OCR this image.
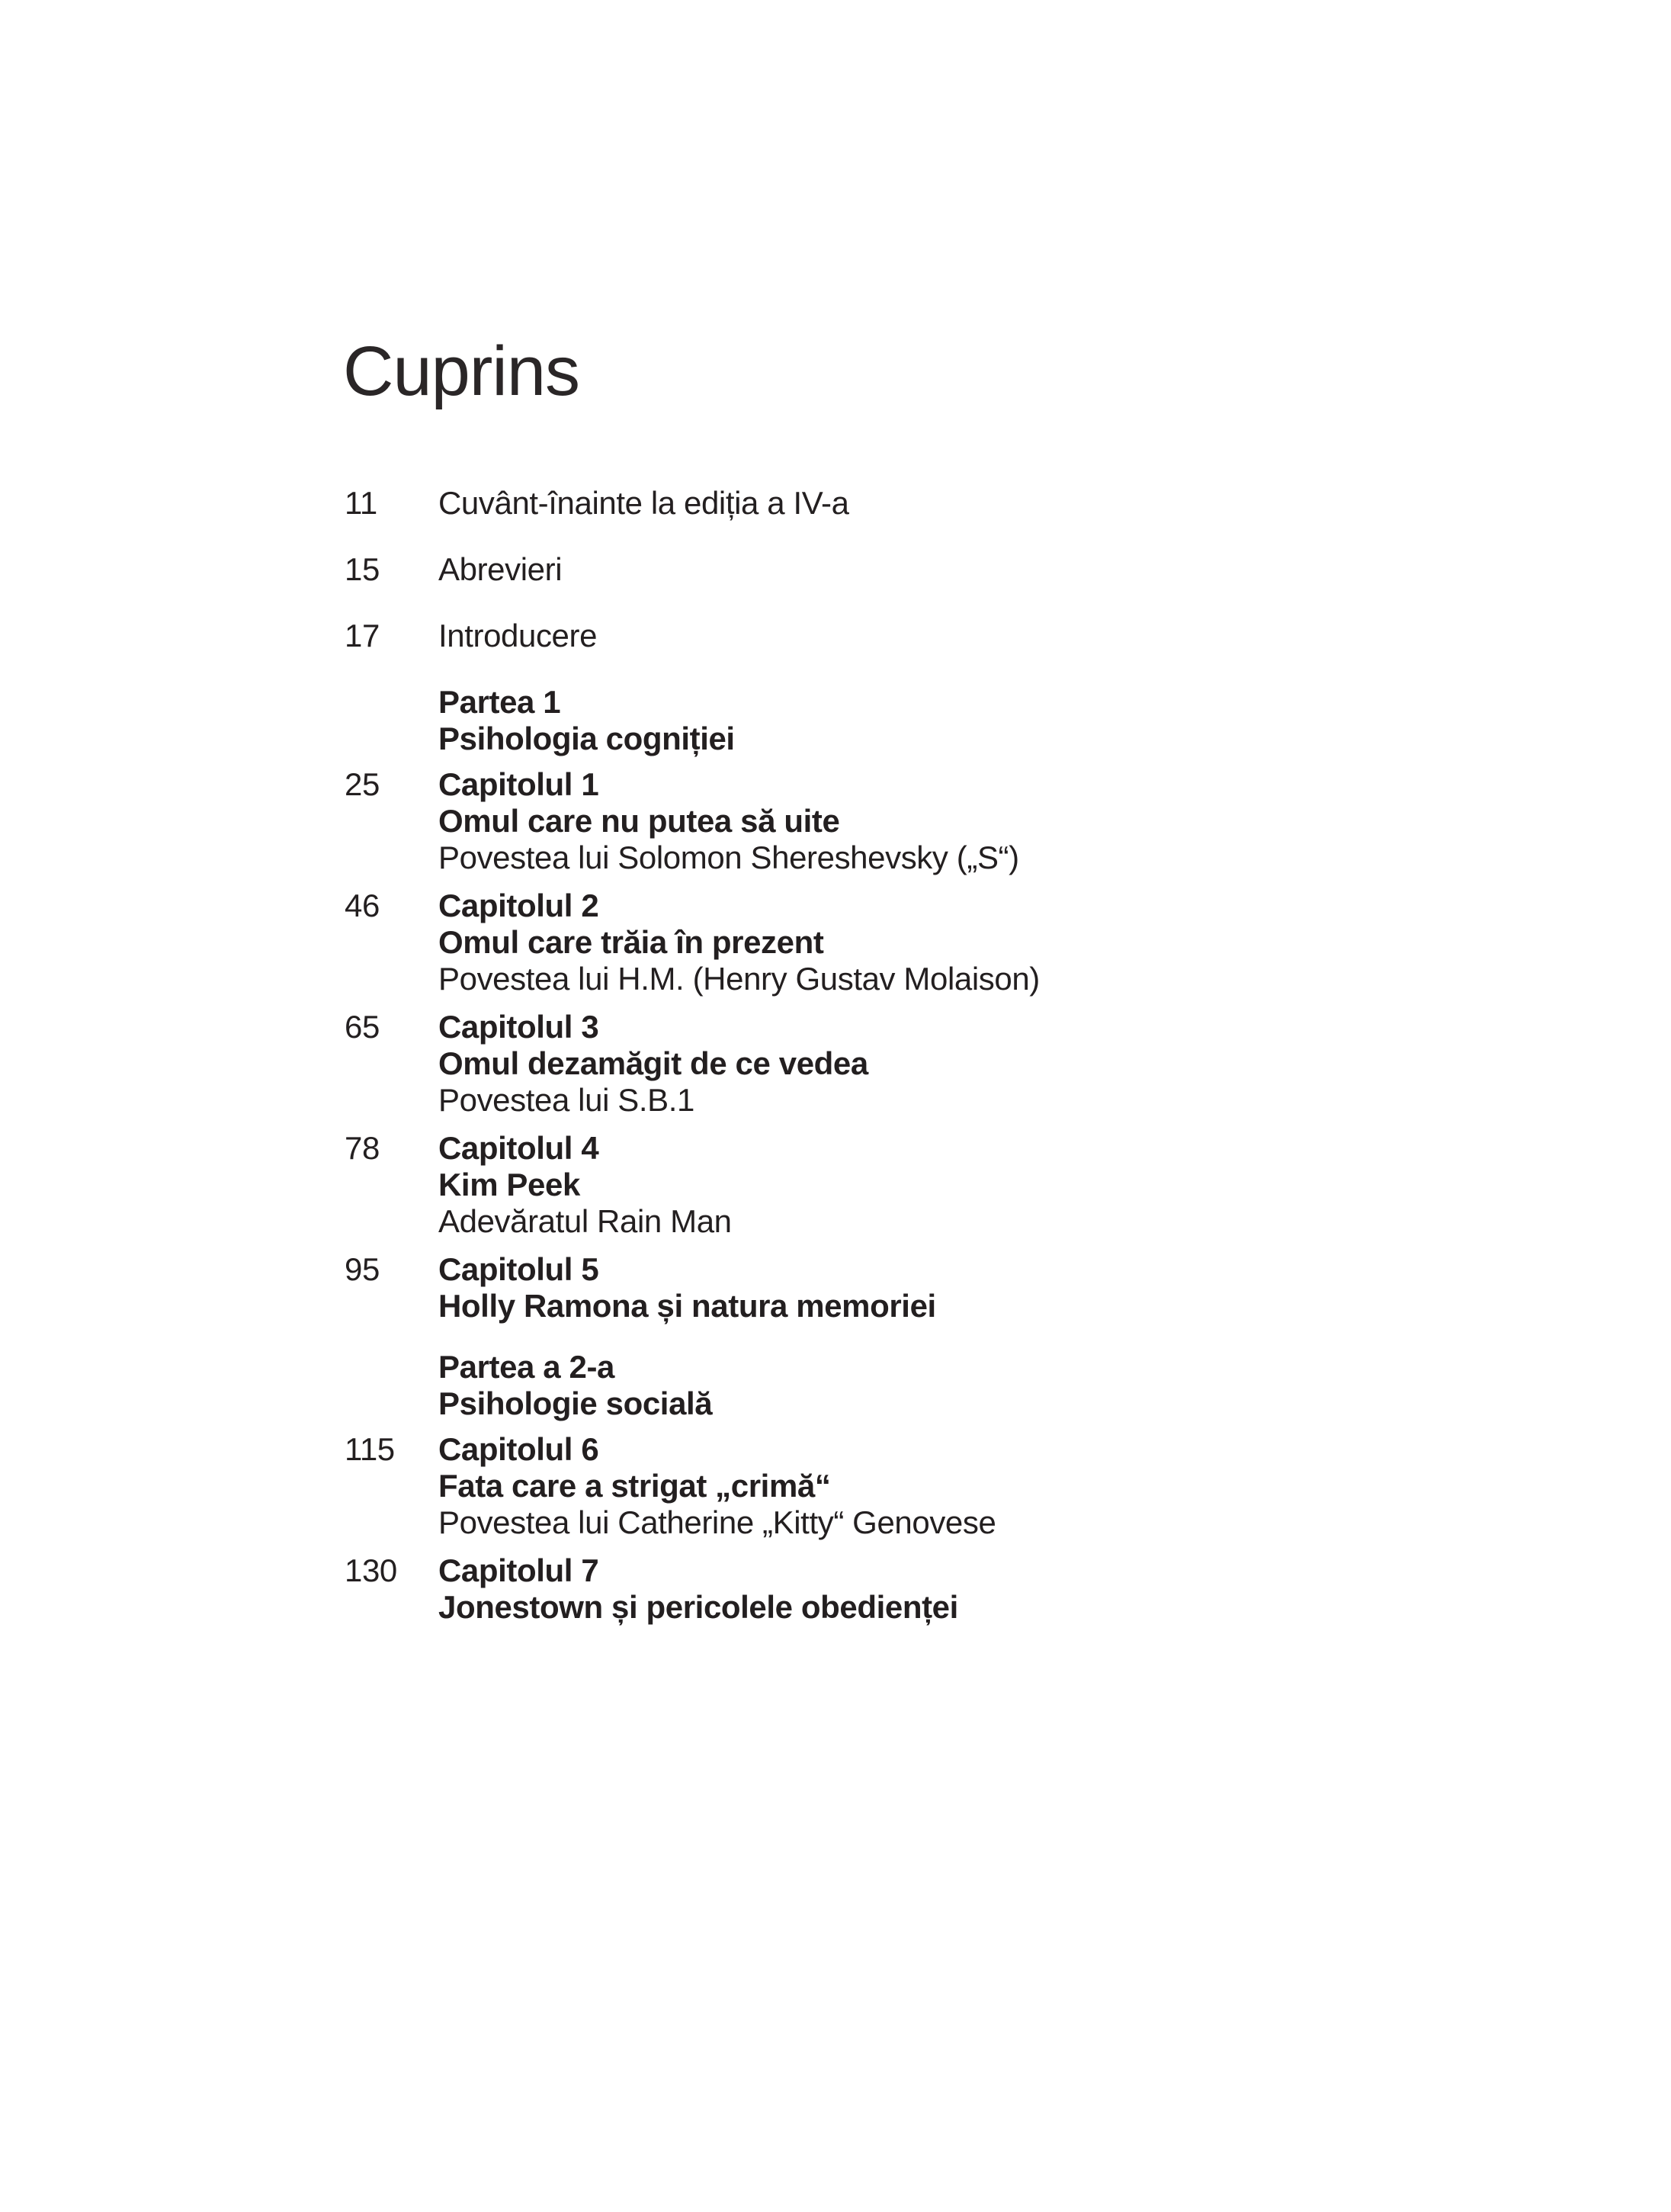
Cuprins
11	Cuvânt-înainte la ediția a IV-a
15	Abrevieri
17	Introducere
Partea 1
Psihologia cogniției
25	Capitolul 1
Omul care nu putea să uite
Povestea lui Solomon Shereshevsky („S“)
46	Capitolul 2
Omul care trăia în prezent
Povestea lui H.M. (Henry Gustav Molaison)
65	Capitolul 3
Omul dezamăgit de ce vedea
Povestea lui S.B.1
78	Capitolul 4
Kim Peek
Adevăratul Rain Man
95	Capitolul 5
Holly Ramona și natura memoriei
Partea a 2-a
Psihologie socială
115	Capitolul 6
Fata care a strigat „crimă“
Povestea lui Catherine „Kitty“ Genovese
130	Capitolul 7
Jonestown și pericolele obedienței
